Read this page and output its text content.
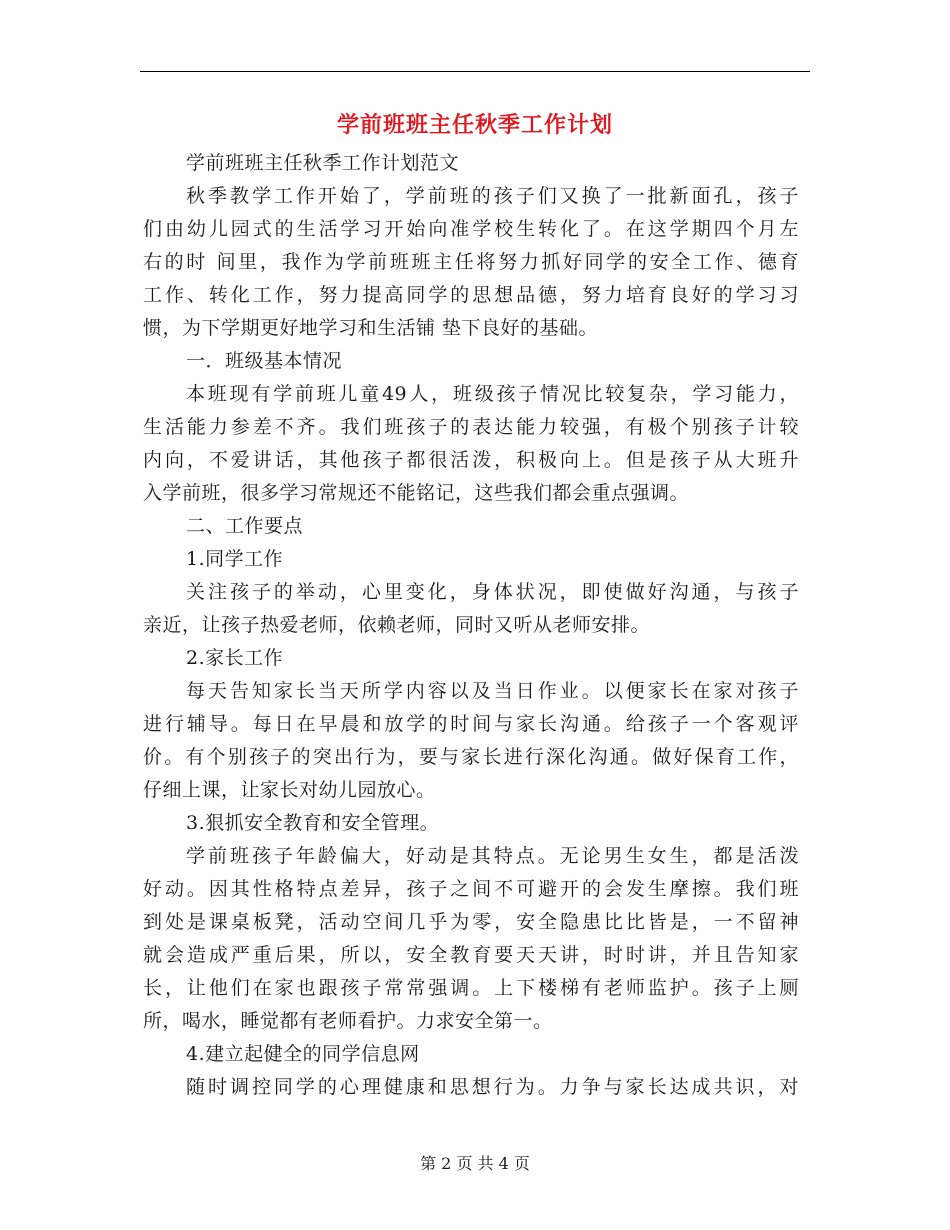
学前班班主任秋季工作计划
学前班班主任秋季工作计划范文
秋季教学工作开始了，学前班的孩子们又换了一批新面孔，孩子
们由幼儿园式的生活学习开始向准学校生转化了。在这学期四个月左
右的时 间里，我作为学前班班主任将努力抓好同学的安全工作、德育
工作、转化工作，努力提高同学的思想品德，努力培育良好的学习习
惯，为下学期更好地学习和生活铺 垫下良好的基础。
一．班级基本情况
本班现有学前班儿童49人，班级孩子情况比较复杂，学习能力，
生活能力参差不齐。我们班孩子的表达能力较强，有极个别孩子计较
内向，不爱讲话，其他孩子都很活泼，积极向上。但是孩子从大班升
入学前班，很多学习常规还不能铭记，这些我们都会重点强调。
二、工作要点
1.同学工作
关注孩子的举动，心里变化，身体状况，即使做好沟通，与孩子
亲近，让孩子热爱老师，依赖老师，同时又听从老师安排。
2.家长工作
每天告知家长当天所学内容以及当日作业。以便家长在家对孩子
进行辅导。每日在早晨和放学的时间与家长沟通。给孩子一个客观评
价。有个别孩子的突出行为，要与家长进行深化沟通。做好保育工作，
仔细上课，让家长对幼儿园放心。
3.狠抓安全教育和安全管理。
学前班孩子年龄偏大，好动是其特点。无论男生女生，都是活泼
好动。因其性格特点差异，孩子之间不可避开的会发生摩擦。我们班
到处是课桌板凳，活动空间几乎为零，安全隐患比比皆是，一不留神
就会造成严重后果，所以，安全教育要天天讲，时时讲，并且告知家
长，让他们在家也跟孩子常常强调。上下楼梯有老师监护。孩子上厕
所，喝水，睡觉都有老师看护。力求安全第一。
4.建立起健全的同学信息网
随时调控同学的心理健康和思想行为。力争与家长达成共识，对
第 2 页 共 4 页
